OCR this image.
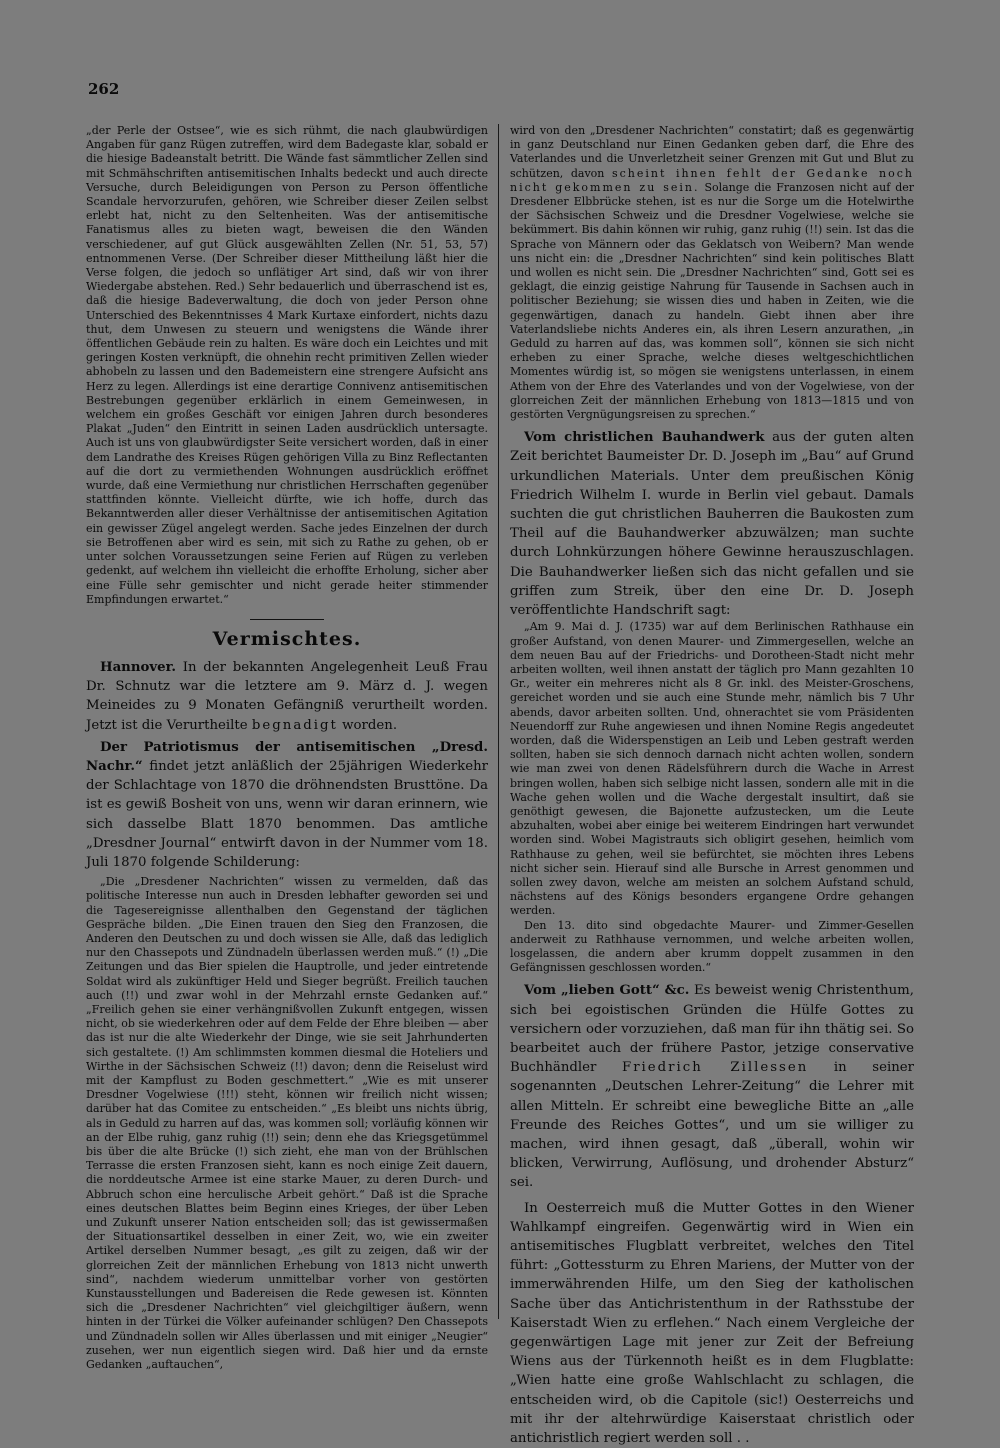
262

„der Perle der Ostsee“, wie es sich rühmt, die nach glaubwürdigen Angaben für ganz Rügen zutreffen, wird dem Badegaste klar, sobald er die hiesige Badeanstalt betritt. Die Wände fast sämmtlicher Zellen sind mit Schmähschriften antisemitischen Inhalts bedeckt und auch directe Versuche, durch Beleidigungen von Person zu Person öffentliche Scandale hervorzurufen, gehören, wie Schreiber dieser Zeilen selbst erlebt hat, nicht zu den Seltenheiten. Was der antisemitische Fanatismus alles zu bieten wagt, beweisen die den Wänden verschiedener, auf gut Glück ausgewählten Zellen (Nr. 51, 53, 57) entnommenen Verse. (Der Schreiber dieser Mittheilung läßt hier die Verse folgen, die jedoch so unflätiger Art sind, daß wir von ihrer Wiedergabe abstehen. Red.) Sehr bedauerlich und überraschend ist es, daß die hiesige Badeverwaltung, die doch von jeder Person ohne Unterschied des Bekenntnisses 4 Mark Kurtaxe einfordert, nichts dazu thut, dem Unwesen zu steuern und wenigstens die Wände ihrer öffentlichen Gebäude rein zu halten. Es wäre doch ein Leichtes und mit geringen Kosten verknüpft, die ohnehin recht primitiven Zellen wieder abhobeln zu lassen und den Bademeistern eine strengere Aufsicht ans Herz zu legen. Allerdings ist eine derartige Connivenz antisemitischen Bestrebungen gegenüber erklärlich in einem Gemeinwesen, in welchem ein großes Geschäft vor einigen Jahren durch besonderes Plakat „Juden“ den Eintritt in seinen Laden ausdrücklich untersagte. Auch ist uns von glaubwürdigster Seite versichert worden, daß in einer dem Landrathe des Kreises Rügen gehörigen Villa zu Binz Reflectanten auf die dort zu vermiethenden Wohnungen ausdrücklich eröffnet wurde, daß eine Vermiethung nur christlichen Herrschaften gegenüber stattfinden könnte. Vielleicht dürfte, wie ich hoffe, durch das Bekanntwerden aller dieser Verhältnisse der antisemitischen Agitation ein gewisser Zügel angelegt werden. Sache jedes Einzelnen der durch sie Betroffenen aber wird es sein, mit sich zu Rathe zu gehen, ob er unter solchen Voraussetzungen seine Ferien auf Rügen zu verleben gedenkt, auf welchem ihn vielleicht die erhoffte Erholung, sicher aber eine Fülle sehr gemischter und nicht gerade heiter stimmender Empfindungen erwartet.“

Vermischtes.

Hannover. In der bekannten Angelegenheit Leuß Frau Dr. Schnutz war die letztere am 9. März d. J. wegen Meineides zu 9 Monaten Gefängniß verurtheilt worden. Jetzt ist die Verurtheilte begnadigt worden.

Der Patriotismus der antisemitischen „Dresd. Nachr.“ findet jetzt anläßlich der 25jährigen Wiederkehr der Schlachtage von 1870 die dröhnendsten Brusttöne. Da ist es gewiß Bosheit von uns, wenn wir daran erinnern, wie sich dasselbe Blatt 1870 benommen. Das amtliche „Dresdner Journal“ entwirft davon in der Nummer vom 18. Juli 1870 folgende Schilderung:

„Die „Dresdener Nachrichten“ wissen zu vermelden, daß das politische Interesse nun auch in Dresden lebhafter geworden sei und die Tagesereignisse allenthalben den Gegenstand der täglichen Gespräche bilden. „Die Einen trauen den Sieg den Franzosen, die Anderen den Deutschen zu und doch wissen sie Alle, daß das lediglich nur den Chassepots und Zündnadeln überlassen werden muß.“ (!) „Die Zeitungen und das Bier spielen die Hauptrolle, und jeder eintretende Soldat wird als zukünftiger Held und Sieger begrüßt. Freilich tauchen auch (!!) und zwar wohl in der Mehrzahl ernste Gedanken auf.“ „Freilich gehen sie einer verhängnißvollen Zukunft entgegen, wissen nicht, ob sie wiederkehren oder auf dem Felde der Ehre bleiben — aber das ist nur die alte Wiederkehr der Dinge, wie sie seit Jahrhunderten sich gestaltete. (!) Am schlimmsten kommen diesmal die Hoteliers und Wirthe in der Sächsischen Schweiz (!!) davon; denn die Reiselust wird mit der Kampflust zu Boden geschmettert.“ „Wie es mit unserer Dresdner Vogelwiese (!!!) steht, können wir freilich nicht wissen; darüber hat das Comitee zu entscheiden.“ „Es bleibt uns nichts übrig, als in Geduld zu harren auf das, was kommen soll; vorläufig können wir an der Elbe ruhig, ganz ruhig (!!) sein; denn ehe das Kriegsgetümmel bis über die alte Brücke (!) sich zieht, ehe man von der Brühlschen Terrasse die ersten Franzosen sieht, kann es noch einige Zeit dauern, die norddeutsche Armee ist eine starke Mauer, zu deren Durch- und Abbruch schon eine herculische Arbeit gehört.“ Daß ist die Sprache eines deutschen Blattes beim Beginn eines Krieges, der über Leben und Zukunft unserer Nation entscheiden soll; das ist gewissermaßen der Situationsartikel desselben in einer Zeit, wo, wie ein zweiter Artikel derselben Nummer besagt, „es gilt zu zeigen, daß wir der glorreichen Zeit der männlichen Erhebung von 1813 nicht unwerth sind“, nachdem wiederum unmittelbar vorher von gestörten Kunstausstellungen und Badereisen die Rede gewesen ist. Könnten sich die „Dresdener Nachrichten“ viel gleichgiltiger äußern, wenn hinten in der Türkei die Völker aufeinander schlügen? Den Chassepots und Zündnadeln sollen wir Alles überlassen und mit einiger „Neugier“ zusehen, wer nun eigentlich siegen wird. Daß hier und da ernste Gedanken „auftauchen“,

wird von den „Dresdener Nachrichten“ constatirt; daß es gegenwärtig in ganz Deutschland nur Einen Gedanken geben darf, die Ehre des Vaterlandes und die Unverletzheit seiner Grenzen mit Gut und Blut zu schützen, davon scheint ihnen fehlt der Gedanke noch nicht gekommen zu sein. Solange die Franzosen nicht auf der Dresdener Elbbrücke stehen, ist es nur die Sorge um die Hotelwirthe der Sächsischen Schweiz und die Dresdner Vogelwiese, welche sie bekümmert. Bis dahin können wir ruhig, ganz ruhig (!!) sein. Ist das die Sprache von Männern oder das Geklatsch von Weibern? Man wende uns nicht ein: die „Dresdner Nachrichten“ sind kein politisches Blatt und wollen es nicht sein. Die „Dresdner Nachrichten“ sind, Gott sei es geklagt, die einzig geistige Nahrung für Tausende in Sachsen auch in politischer Beziehung; sie wissen dies und haben in Zeiten, wie die gegenwärtigen, danach zu handeln. Giebt ihnen aber ihre Vaterlandsliebe nichts Anderes ein, als ihren Lesern anzurathen, „in Geduld zu harren auf das, was kommen soll“, können sie sich nicht erheben zu einer Sprache, welche dieses weltgeschichtlichen Momentes würdig ist, so mögen sie wenigstens unterlassen, in einem Athem von der Ehre des Vaterlandes und von der Vogelwiese, von der glorreichen Zeit der männlichen Erhebung von 1813—1815 und von gestörten Vergnügungsreisen zu sprechen.“

Vom christlichen Bauhandwerk aus der guten alten Zeit berichtet Baumeister Dr. D. Joseph im „Bau“ auf Grund urkundlichen Materials. Unter dem preußischen König Friedrich Wilhelm I. wurde in Berlin viel gebaut. Damals suchten die gut christlichen Bauherren die Baukosten zum Theil auf die Bauhandwerker abzuwälzen; man suchte durch Lohnkürzungen höhere Gewinne herauszuschlagen. Die Bauhandwerker ließen sich das nicht gefallen und sie griffen zum Streik, über den eine Dr. D. Joseph veröffentlichte Handschrift sagt:

„Am 9. Mai d. J. (1735) war auf dem Berlinischen Rathhause ein großer Aufstand, von denen Maurer- und Zimmergesellen, welche an dem neuen Bau auf der Friedrichs- und Dorotheen-Stadt nicht mehr arbeiten wollten, weil ihnen anstatt der täglich pro Mann gezahlten 10 Gr., weiter ein mehreres nicht als 8 Gr. inkl. des Meister-Groschens, gereichet worden und sie auch eine Stunde mehr, nämlich bis 7 Uhr abends, davor arbeiten sollten. Und, ohnerachtet sie vom Präsidenten Neuendorff zur Ruhe angewiesen und ihnen Nomine Regis angedeutet worden, daß die Widerspenstigen an Leib und Leben gestraft werden sollten, haben sie sich dennoch darnach nicht achten wollen, sondern wie man zwei von denen Rädelsführern durch die Wache in Arrest bringen wollen, haben sich selbige nicht lassen, sondern alle mit in die Wache gehen wollen und die Wache dergestalt insultirt, daß sie genöthigt gewesen, die Bajonette aufzustecken, um die Leute abzuhalten, wobei aber einige bei weiterem Eindringen hart verwundet worden sind. Wobei Magistrauts sich obligirt gesehen, heimlich vom Rathhause zu gehen, weil sie befürchtet, sie möchten ihres Lebens nicht sicher sein. Hierauf sind alle Bursche in Arrest genommen und sollen zwey davon, welche am meisten an solchem Aufstand schuld, nächstens auf des Königs besonders ergangene Ordre gehangen werden.

Den 13. dito sind obgedachte Maurer- und Zimmer-Gesellen anderweit zu Rathhause vernommen, und welche arbeiten wollen, losgelassen, die andern aber krumm doppelt zusammen in den Gefängnissen geschlossen worden.“

Vom „lieben Gott“ &c. Es beweist wenig Christenthum, sich bei egoistischen Gründen die Hülfe Gottes zu versichern oder vorzuziehen, daß man für ihn thätig sei. So bearbeitet auch der frühere Pastor, jetzige conservative Buchhändler Friedrich Zillessen in seiner sogenannten „Deutschen Lehrer-Zeitung“ die Lehrer mit allen Mitteln. Er schreibt eine bewegliche Bitte an „alle Freunde des Reiches Gottes“, und um sie williger zu machen, wird ihnen gesagt, daß „überall, wohin wir blicken, Verwirrung, Auflösung, und drohender Absturz“ sei.

In Oesterreich muß die Mutter Gottes in den Wiener Wahlkampf eingreifen. Gegenwärtig wird in Wien ein antisemitisches Flugblatt verbreitet, welches den Titel führt: „Gottessturm zu Ehren Mariens, der Mutter von der immerwährenden Hilfe, um den Sieg der katholischen Sache über das Antichristenthum in der Rathsstube der Kaiserstadt Wien zu erflehen.“ Nach einem Vergleiche der gegenwärtigen Lage mit jener zur Zeit der Befreiung Wiens aus der Türkennoth heißt es in dem Flugblatte: „Wien hatte eine große Wahlschlacht zu schlagen, die entscheiden wird, ob die Capitole (sic!) Oesterreichs und mit ihr der altehrwürdige Kaiserstaat christlich oder antichristlich regiert werden soll . .
